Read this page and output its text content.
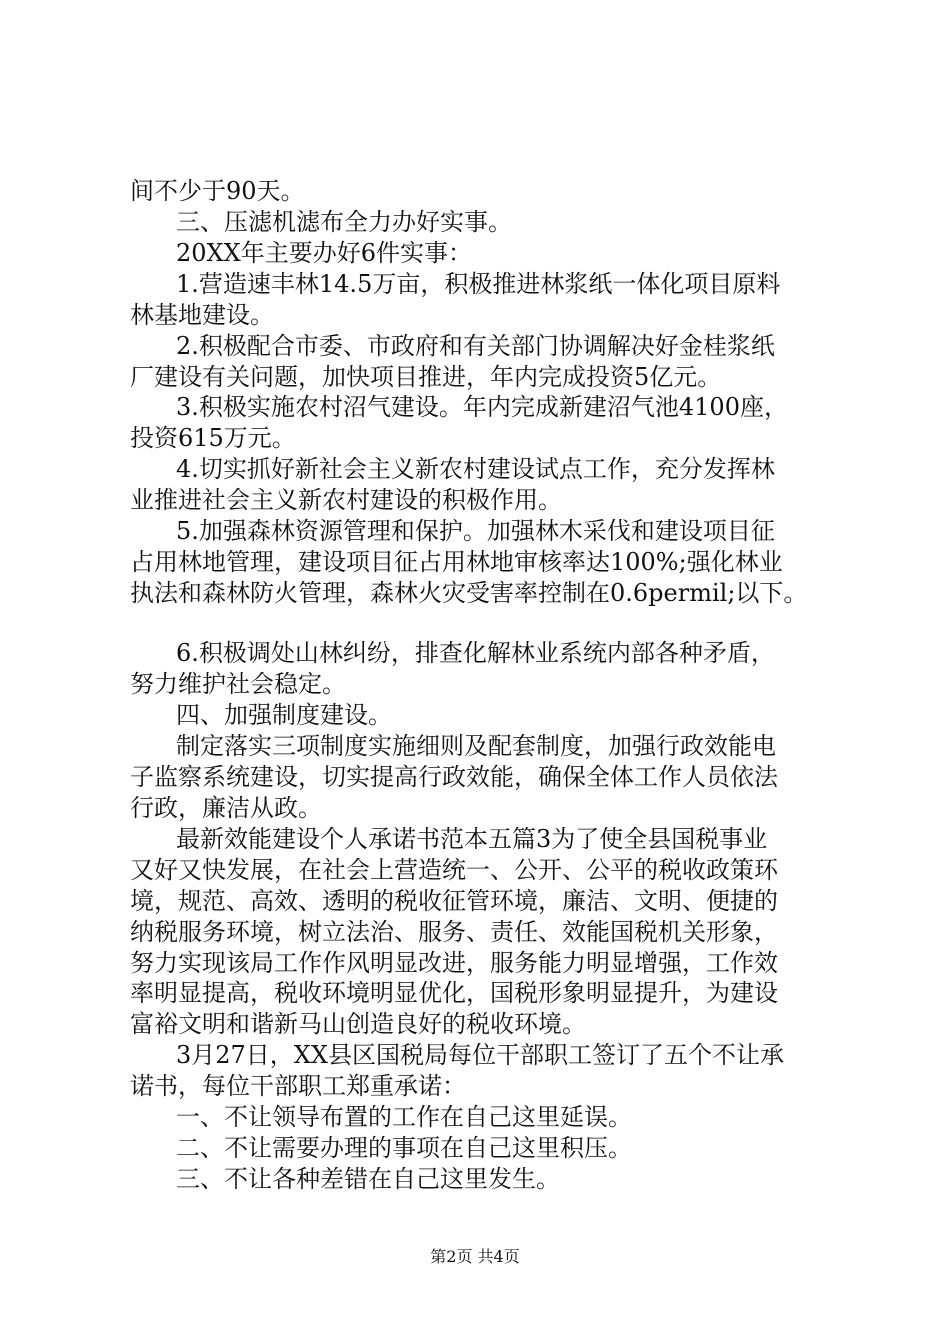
间不少于90天。
三、压滤机滤布全力办好实事。
20XX年主要办好6件实事：
1.营造速丰林14.5万亩，积极推进林浆纸一体化项目原料
林基地建设。
2.积极配合市委、市政府和有关部门协调解决好金桂浆纸
厂建设有关问题，加快项目推进，年内完成投资5亿元。
3.积极实施农村沼气建设。年内完成新建沼气池4100座，
投资615万元。
4.切实抓好新社会主义新农村建设试点工作，充分发挥林
业推进社会主义新农村建设的积极作用。
5.加强森林资源管理和保护。加强林木采伐和建设项目征
占用林地管理，建设项目征占用林地审核率达100%;强化林业
执法和森林防火管理，森林火灾受害率控制在0.6permil;以下。
6.积极调处山林纠纷，排查化解林业系统内部各种矛盾，
努力维护社会稳定。
四、加强制度建设。
制定落实三项制度实施细则及配套制度，加强行政效能电
子监察系统建设，切实提高行政效能，确保全体工作人员依法
行政，廉洁从政。
最新效能建设个人承诺书范本五篇3为了使全县国税事业
又好又快发展，在社会上营造统一、公开、公平的税收政策环
境，规范、高效、透明的税收征管环境，廉洁、文明、便捷的
纳税服务环境，树立法治、服务、责任、效能国税机关形象，
努力实现该局工作作风明显改进，服务能力明显增强，工作效
率明显提高，税收环境明显优化，国税形象明显提升，为建设
富裕文明和谐新马山创造良好的税收环境。
3月27日，XX县区国税局每位干部职工签订了五个不让承
诺书，每位干部职工郑重承诺：
一、不让领导布置的工作在自己这里延误。
二、不让需要办理的事项在自己这里积压。
三、不让各种差错在自己这里发生。
第2页 共4页
